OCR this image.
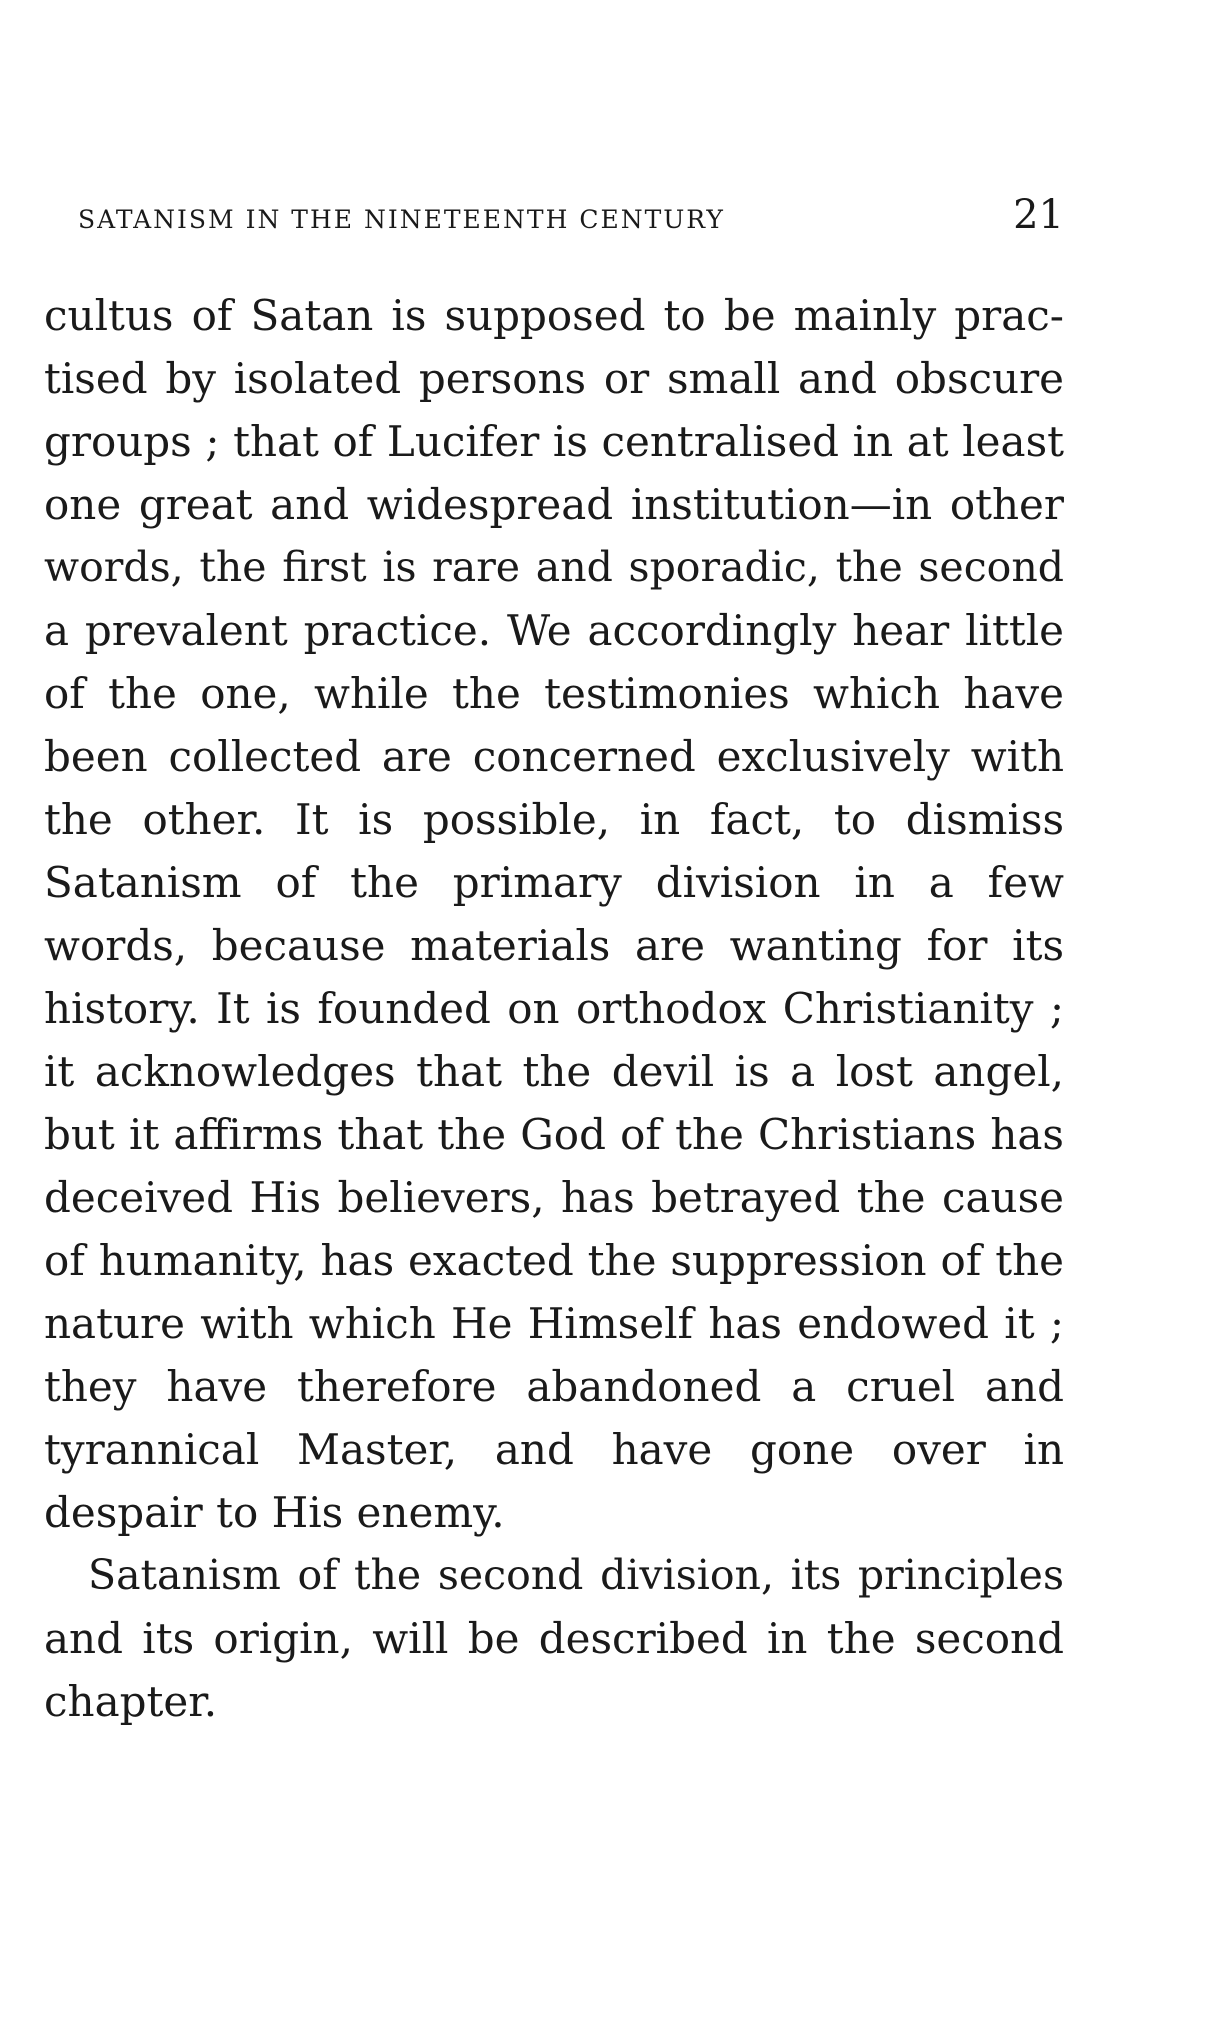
SATANISM IN THE NINETEENTH CENTURY	21
cultus of Satan is supposed to be mainly prac-
tised by isolated persons or small and obscure
groups ; that of Lucifer is centralised in at least
one great and widespread institution—in other
words, the first is rare and sporadic, the second
a prevalent practice. We accordingly hear little
of the one, while the testimonies which have
been collected are concerned exclusively with
the other. It is possible, in fact, to dismiss
Satanism of the primary division in a few
words, because materials are wanting for its
history. It is founded on orthodox Christianity ;
it acknowledges that the devil is a lost angel,
but it affirms that the God of the Christians has
deceived His believers, has betrayed the cause
of humanity, has exacted the suppression of the
nature with which He Himself has endowed it ;
they have therefore abandoned a cruel and
tyrannical Master, and have gone over in
despair to His enemy.
Satanism of the second division, its principles
and its origin, will be described in the second
chapter.
